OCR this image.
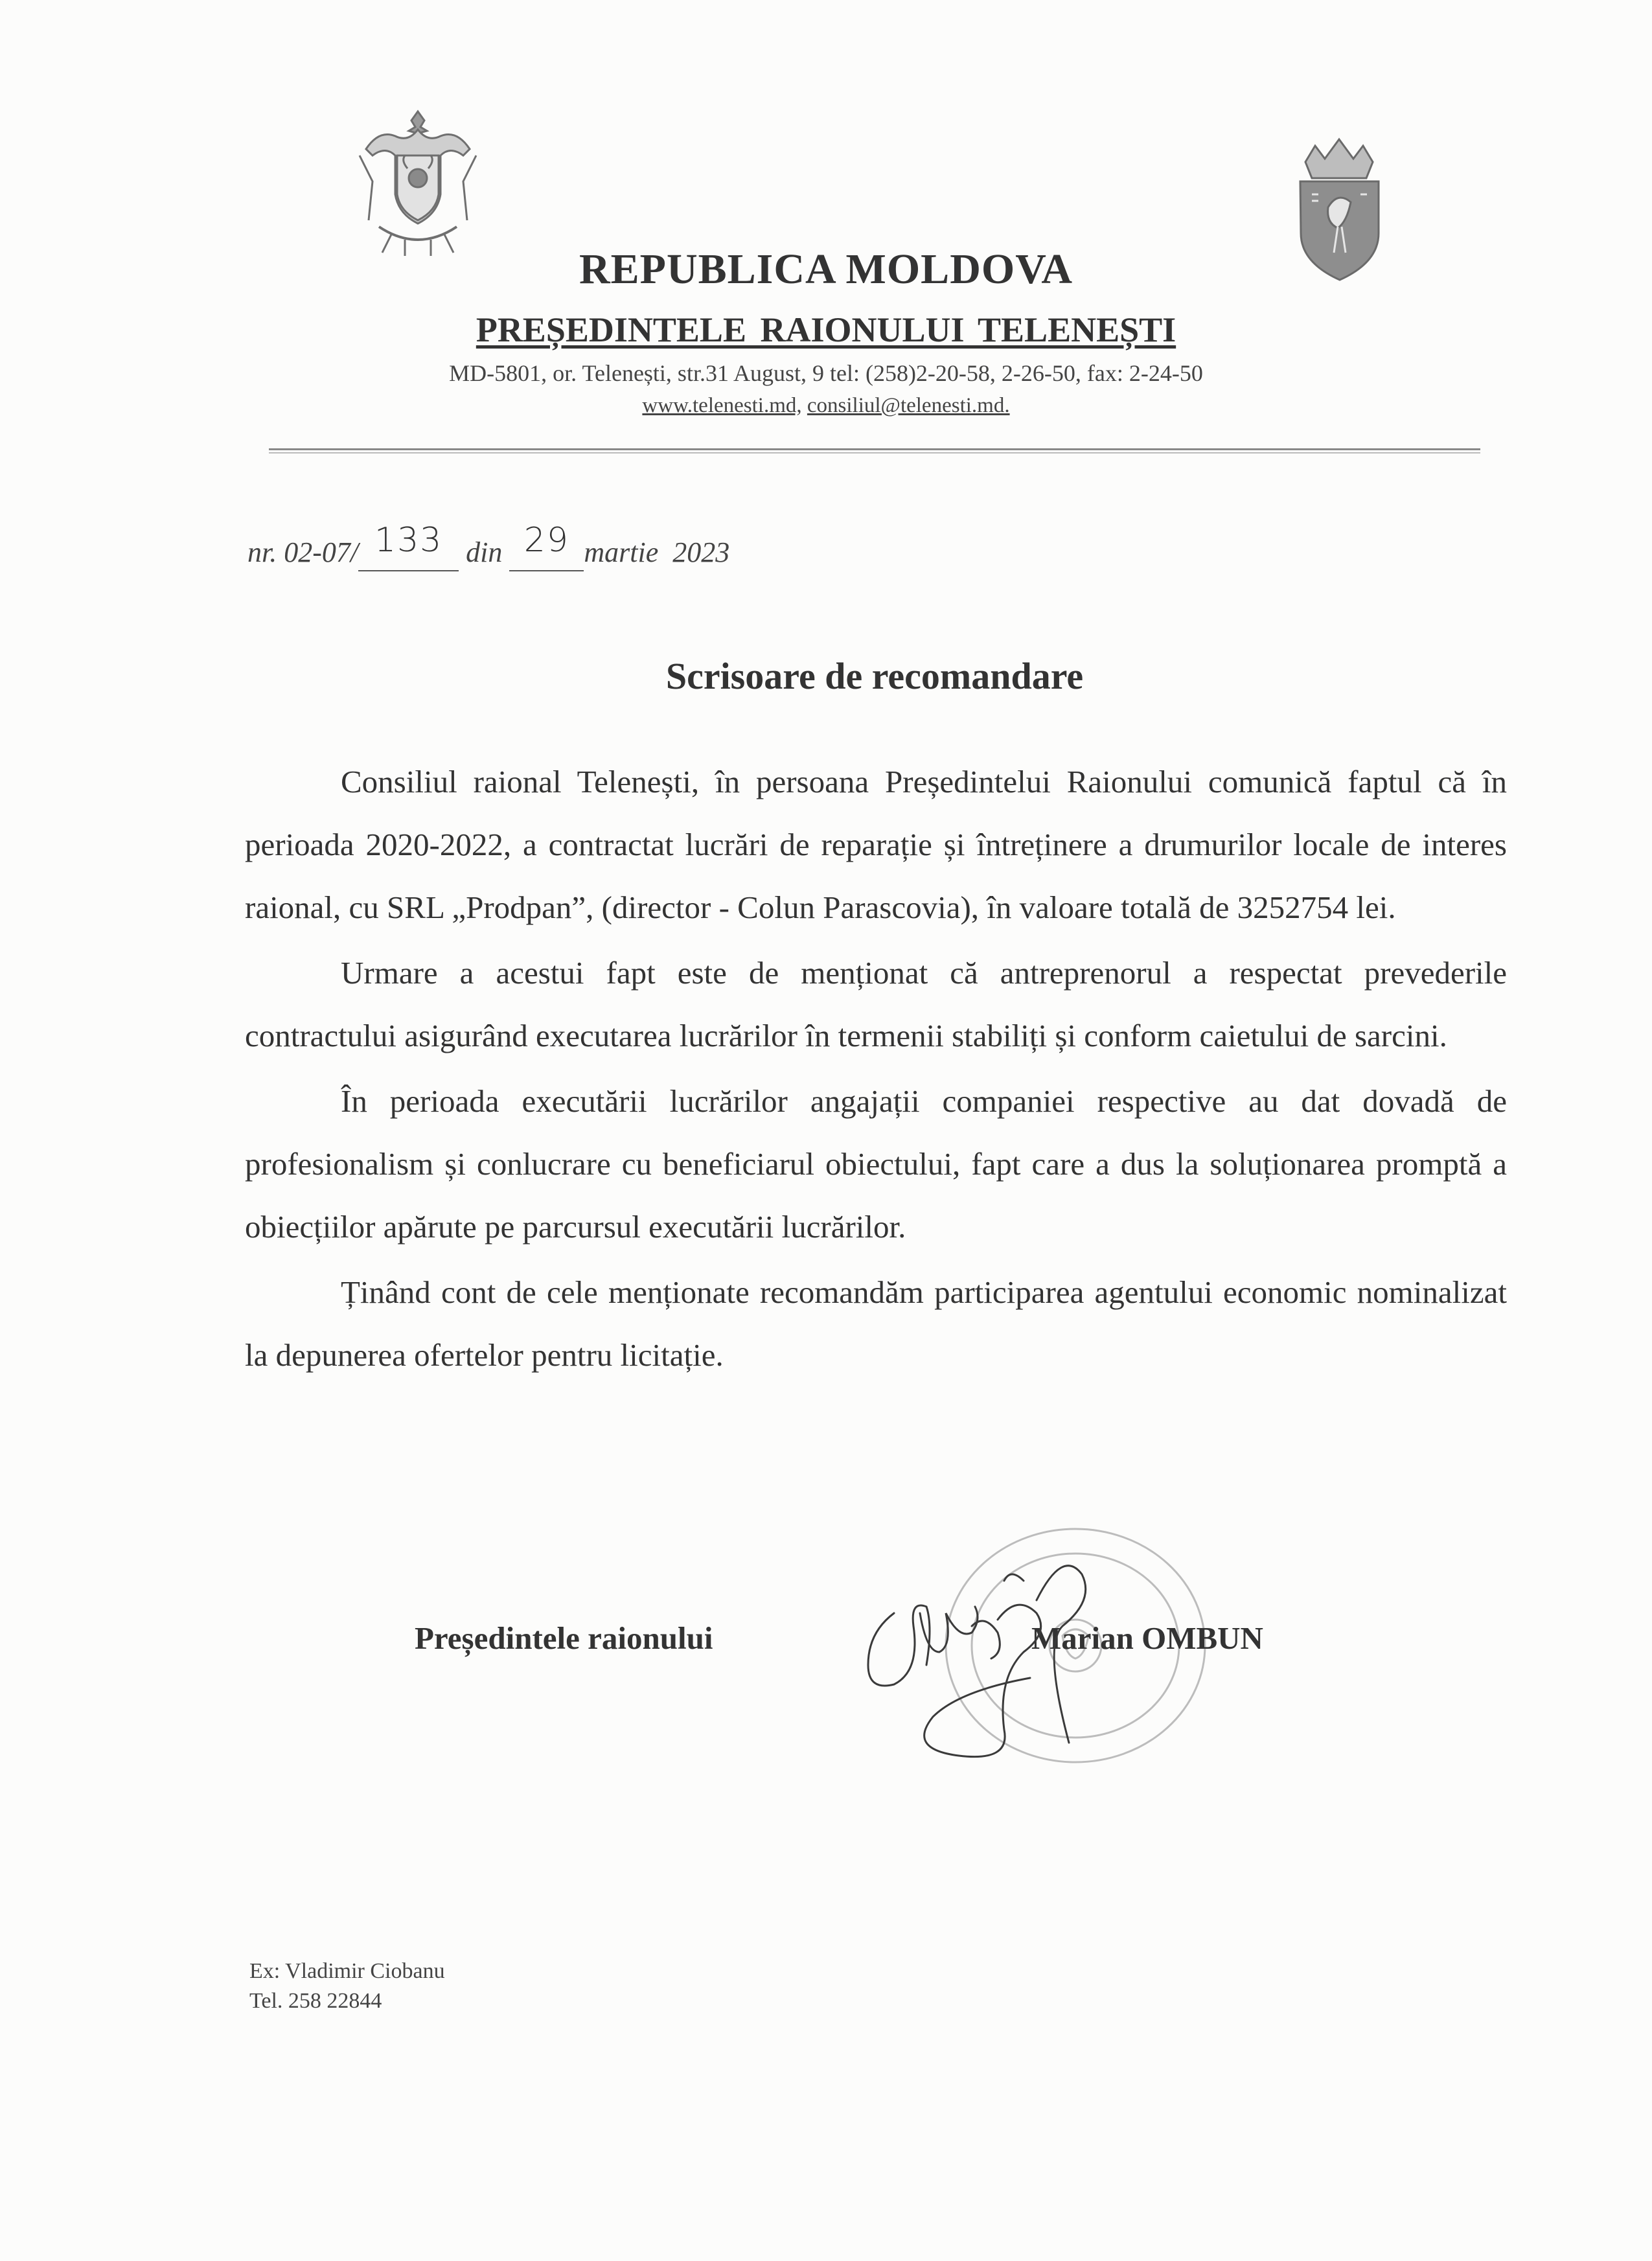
REPUBLICA MOLDOVA
PREȘEDINTELE RAIONULUI TELENEȘTI
MD-5801, or. Telenești, str.31 August, 9 tel: (258)2-20-58, 2-26-50, fax: 2-24-50
www.telenesti.md, consiliul@telenesti.md.
nr. 02-07/ 133 din 29 martie  2023
Scrisoare de recomandare

Consiliul raional Telenești, în persoana Președintelui Raionului comunică faptul că în perioada 2020-2022, a contractat lucrări de reparație și întreținere a drumurilor locale de interes raional, cu SRL „Prodpan”, (director - Colun Parascovia), în valoare totală de 3252754 lei.

Urmare a acestui fapt este de menționat că antreprenorul a respectat prevederile contractului asigurând executarea lucrărilor în termenii stabiliți și conform caietului de sarcini.

În perioada executării lucrărilor angajații companiei respective au dat dovadă de profesionalism și conlucrare cu beneficiarul obiectului, fapt care a dus la soluționarea promptă a obiecțiilor apărute pe parcursul executării lucrărilor.

Ținând cont de cele menționate recomandăm participarea agentului economic nominalizat la depunerea ofertelor pentru licitație.

Președintele raionului	Marian OMBUN
Ex: Vladimir Ciobanu
Tel. 258 22844
